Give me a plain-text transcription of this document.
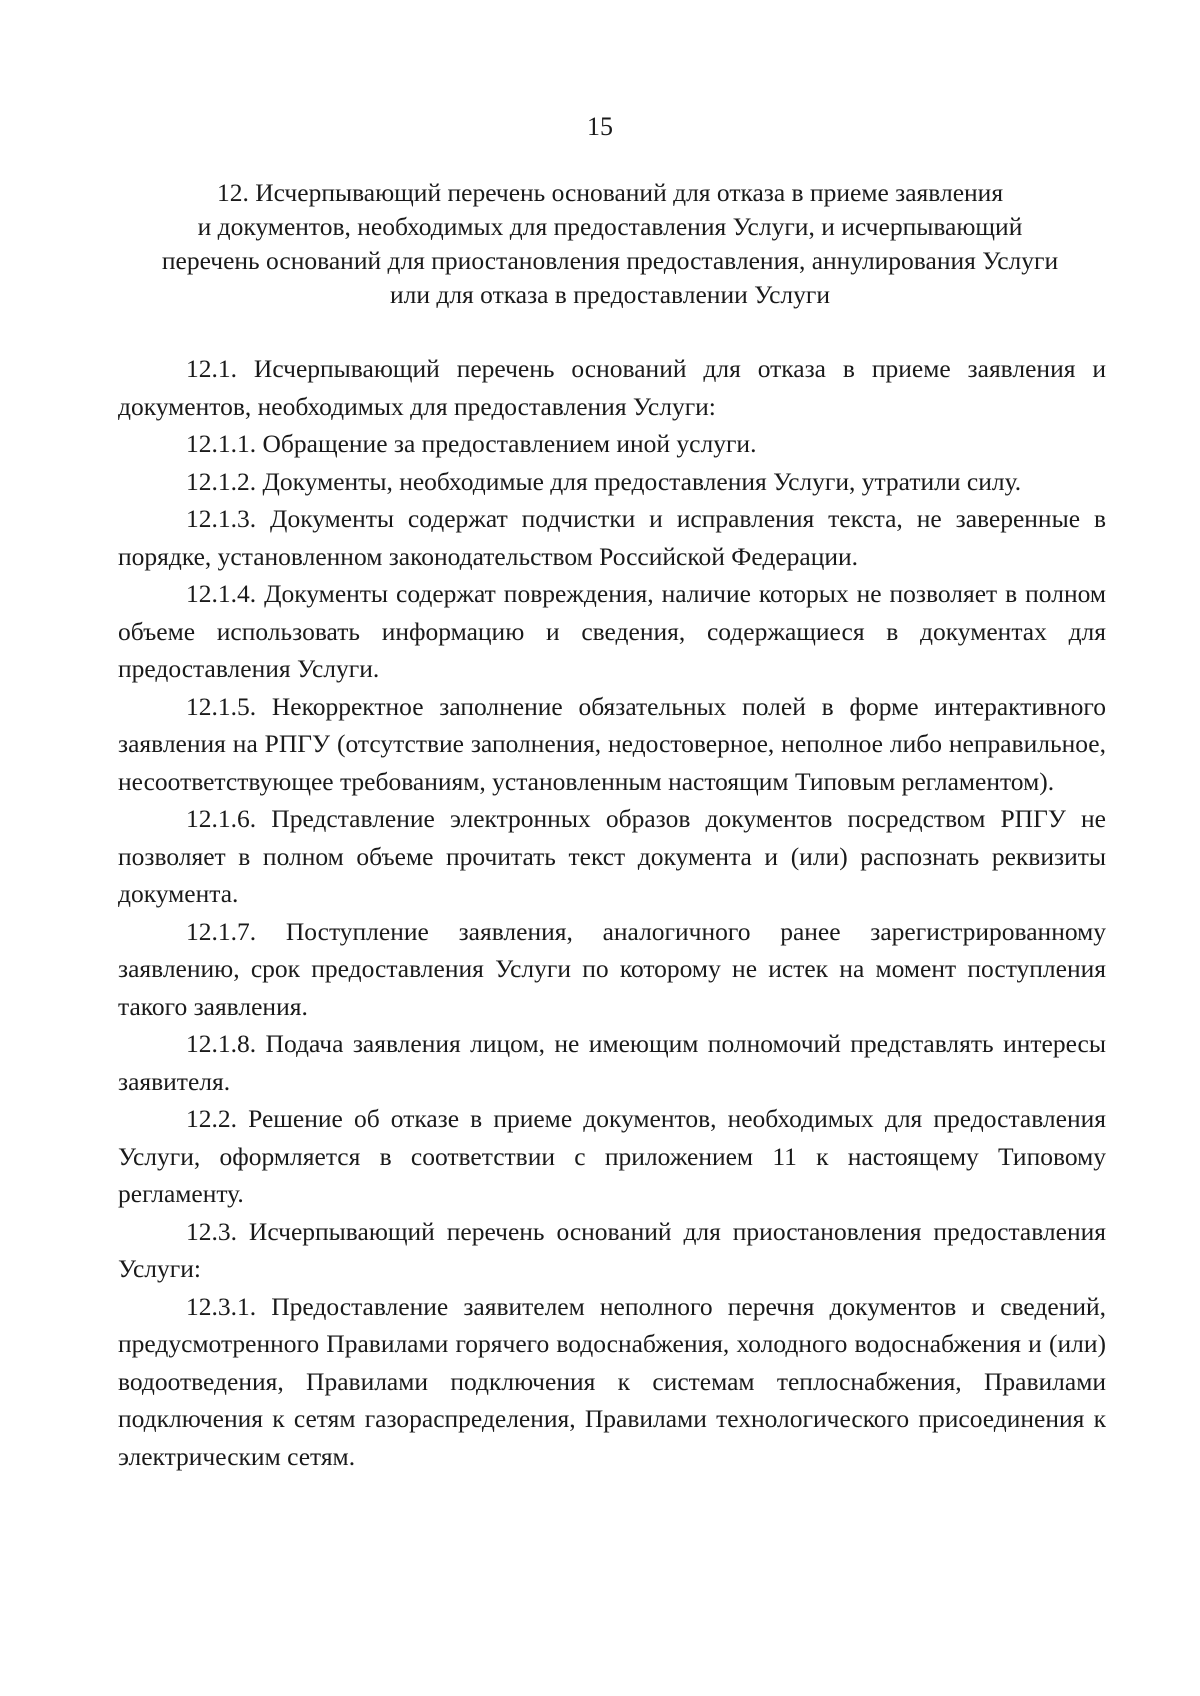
15
12. Исчерпывающий перечень оснований для отказа в приеме заявления
и документов, необходимых для предоставления Услуги, и исчерпывающий
перечень оснований для приостановления предоставления, аннулирования Услуги
или для отказа в предоставлении Услуги

12.1. Исчерпывающий перечень оснований для отказа в приеме заявления и документов, необходимых для предоставления Услуги:

12.1.1. Обращение за предоставлением иной услуги.

12.1.2. Документы, необходимые для предоставления Услуги, утратили силу.

12.1.3. Документы содержат подчистки и исправления текста, не заверенные в порядке, установленном законодательством Российской Федерации.

12.1.4. Документы содержат повреждения, наличие которых не позволяет в полном объеме использовать информацию и сведения, содержащиеся в документах для предоставления Услуги.

12.1.5. Некорректное заполнение обязательных полей в форме интерактивного заявления на РПГУ (отсутствие заполнения, недостоверное, неполное либо неправильное, несоответствующее требованиям, установленным настоящим Типовым регламентом).

12.1.6. Представление электронных образов документов посредством РПГУ не позволяет в полном объеме прочитать текст документа и (или) распознать реквизиты документа.

12.1.7. Поступление заявления, аналогичного ранее зарегистрированному заявлению, срок предоставления Услуги по которому не истек на момент поступления такого заявления.

12.1.8. Подача заявления лицом, не имеющим полномочий представлять интересы заявителя.

12.2. Решение об отказе в приеме документов, необходимых для предоставления Услуги, оформляется в соответствии с приложением 11 к настоящему Типовому регламенту.

12.3. Исчерпывающий перечень оснований для приостановления предоставления Услуги:

12.3.1. Предоставление заявителем неполного перечня документов и сведений, предусмотренного Правилами горячего водоснабжения, холодного водоснабжения и (или) водоотведения, Правилами подключения к системам теплоснабжения, Правилами подключения к сетям газораспределения, Правилами технологического присоединения к электрическим сетям.
